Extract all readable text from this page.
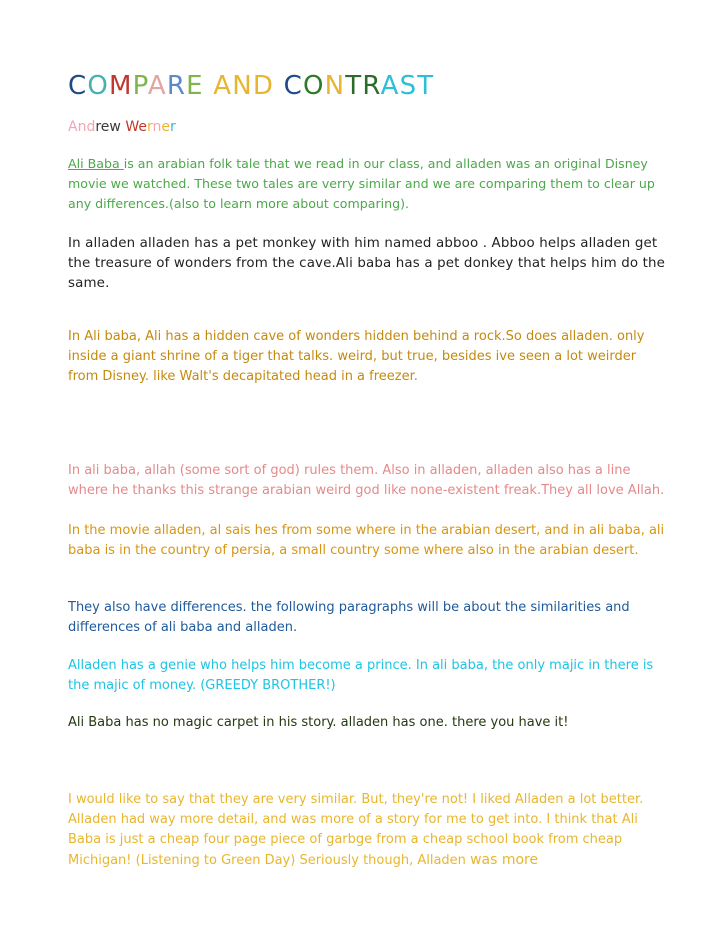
COMPARE AND CONTRAST
Andrew Werner

Ali Baba is an arabian folk tale that we read in our class, and alladen was an original Disney movie we watched. These two tales are verry similar and we are comparing them to clear up any differences.(also to learn more about comparing).

In alladen alladen has a pet monkey with him named abboo . Abboo helps alladen get the treasure of wonders from the cave.Ali baba has a pet donkey that helps him do the same.

In Ali baba, Ali has a hidden cave of wonders hidden behind a rock.So does alladen. only inside a giant shrine of a tiger that talks. weird, but true, besides ive seen a lot weirder from Disney. like Walt's decapitated head in a freezer.

In ali baba, allah (some sort of god) rules them. Also in alladen, alladen also has a line where he thanks this strange arabian weird god like none-existent freak.They all love Allah.

In the movie alladen, al sais hes from some where in the arabian desert, and in ali baba, ali baba is in the country of persia, a small country some where also in the arabian desert.

They also have differences. the following paragraphs will be about the similarities and differences of ali baba and alladen.

Alladen has a genie who helps him become a prince. In ali baba, the only majic in there is the majic of money. (GREEDY BROTHER!)

Ali Baba has no magic carpet in his story. alladen has one. there you have it!

I would like to say that they are very similar. But, they're not! I liked Alladen a lot better. Alladen had way more detail, and was more of a story for me to get into. I think that Ali Baba is just a cheap four page piece of garbge from a cheap school book from cheap Michigan! (Listening to Green Day) Seriously though, Alladen was more
